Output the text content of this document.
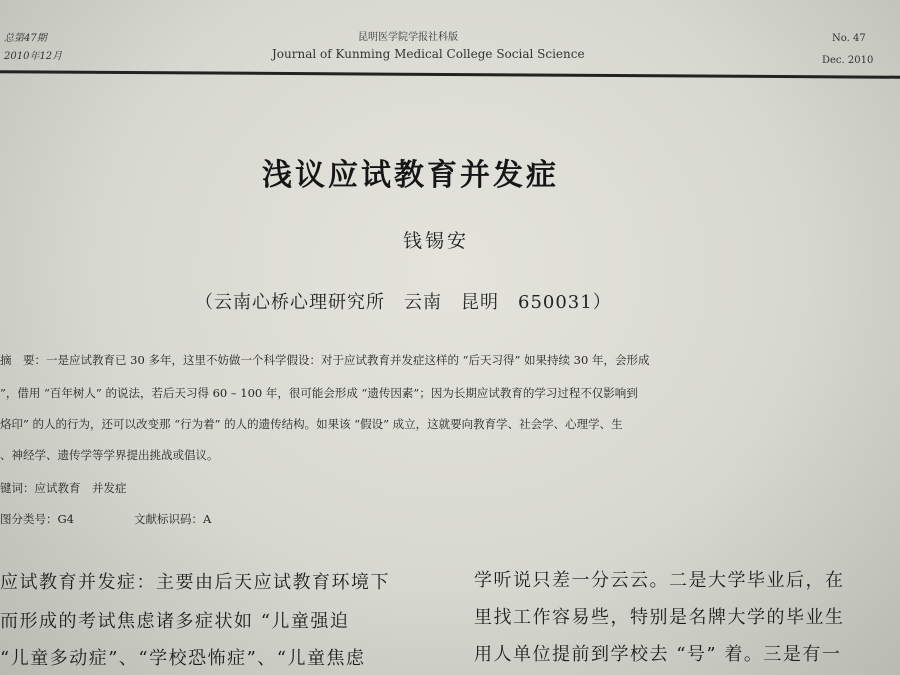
总第47期
2010年12月
昆明医学院学报社科版
Journal of Kunming Medical College Social Science
No. 47
Dec. 2010
浅议应试教育并发症
钱锡安
（云南心桥心理研究所　云南　昆明　650031）
摘　要：一是应试教育已 30 多年，这里不妨做一个科学假设：对于应试教育并发症这样的 “后天习得” 如果持续 30 年，会形成
”，借用 “百年树人” 的说法，若后天习得 60 – 100 年，很可能会形成 “遗传因素”；因为长期应试教育的学习过程不仅影响到
烙印” 的人的行为，还可以改变那 “行为着” 的人的遗传结构。如果该 “假设” 成立，这就要向教育学、社会学、心理学、生
、神经学、遗传学等学界提出挑战或倡议。
键词：应试教育　并发症
图分类号：G4	文献标识码：A
应试教育并发症：主要由后天应试教育环境下
而形成的考试焦虑诸多症状如 “儿童强迫
“儿童多动症”、“学校恐怖症”、“儿童焦虑
学听说只差一分云云。二是大学毕业后，在
里找工作容易些，特别是名牌大学的毕业生
用人单位提前到学校去 “号” 着。三是有一
